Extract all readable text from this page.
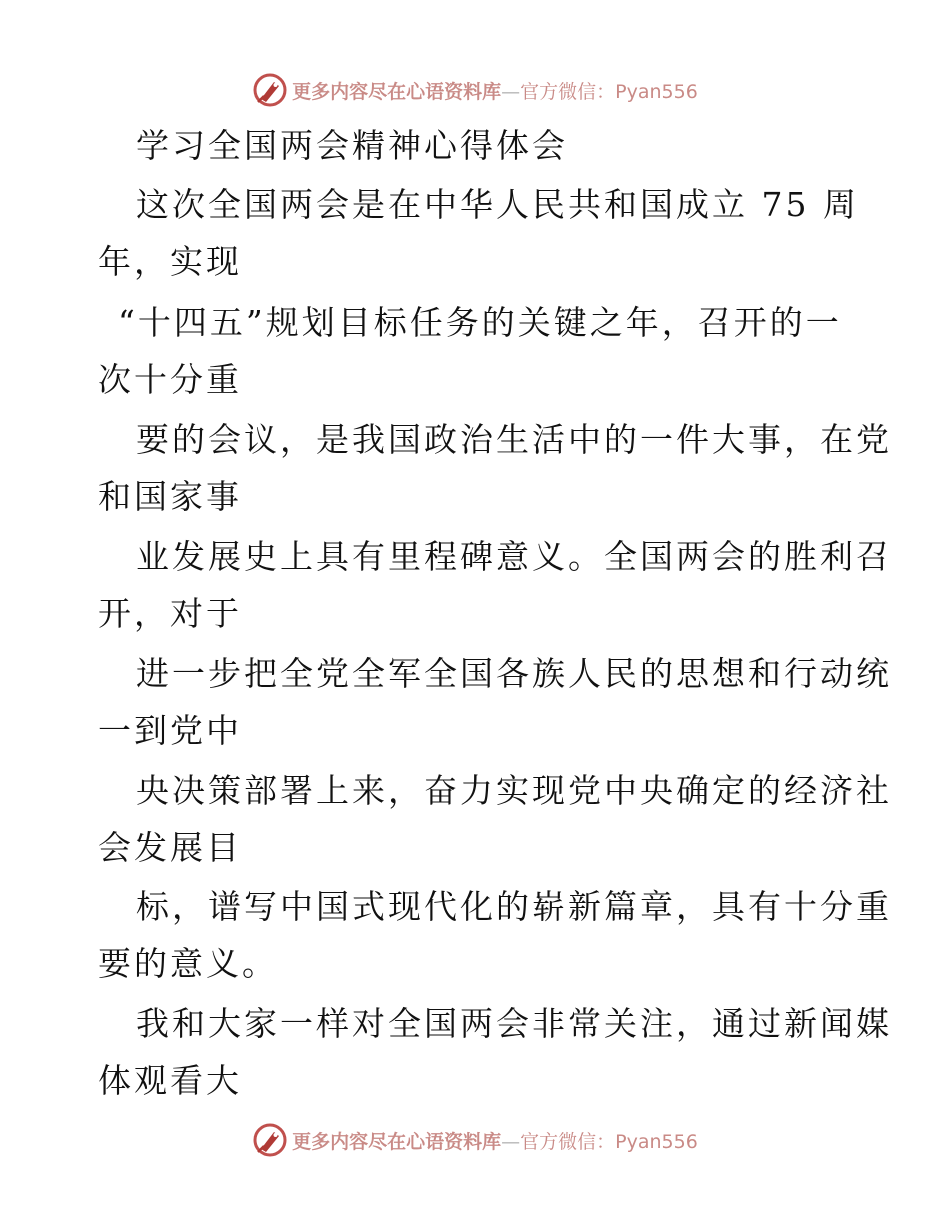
更多内容尽在心语资料库—官方微信：Pyan556
学习全国两会精神心得体会
这次全国两会是在中华人民共和国成立 75 周
年，实现
“十四五”规划目标任务的关键之年，召开的一
次十分重
要的会议，是我国政治生活中的一件大事，在党
和国家事
业发展史上具有里程碑意义。全国两会的胜利召
开，对于
进一步把全党全军全国各族人民的思想和行动统
一到党中
央决策部署上来，奋力实现党中央确定的经济社
会发展目
标，谱写中国式现代化的崭新篇章，具有十分重
要的意义。
我和大家一样对全国两会非常关注，通过新闻媒
体观看大
更多内容尽在心语资料库—官方微信：Pyan556
